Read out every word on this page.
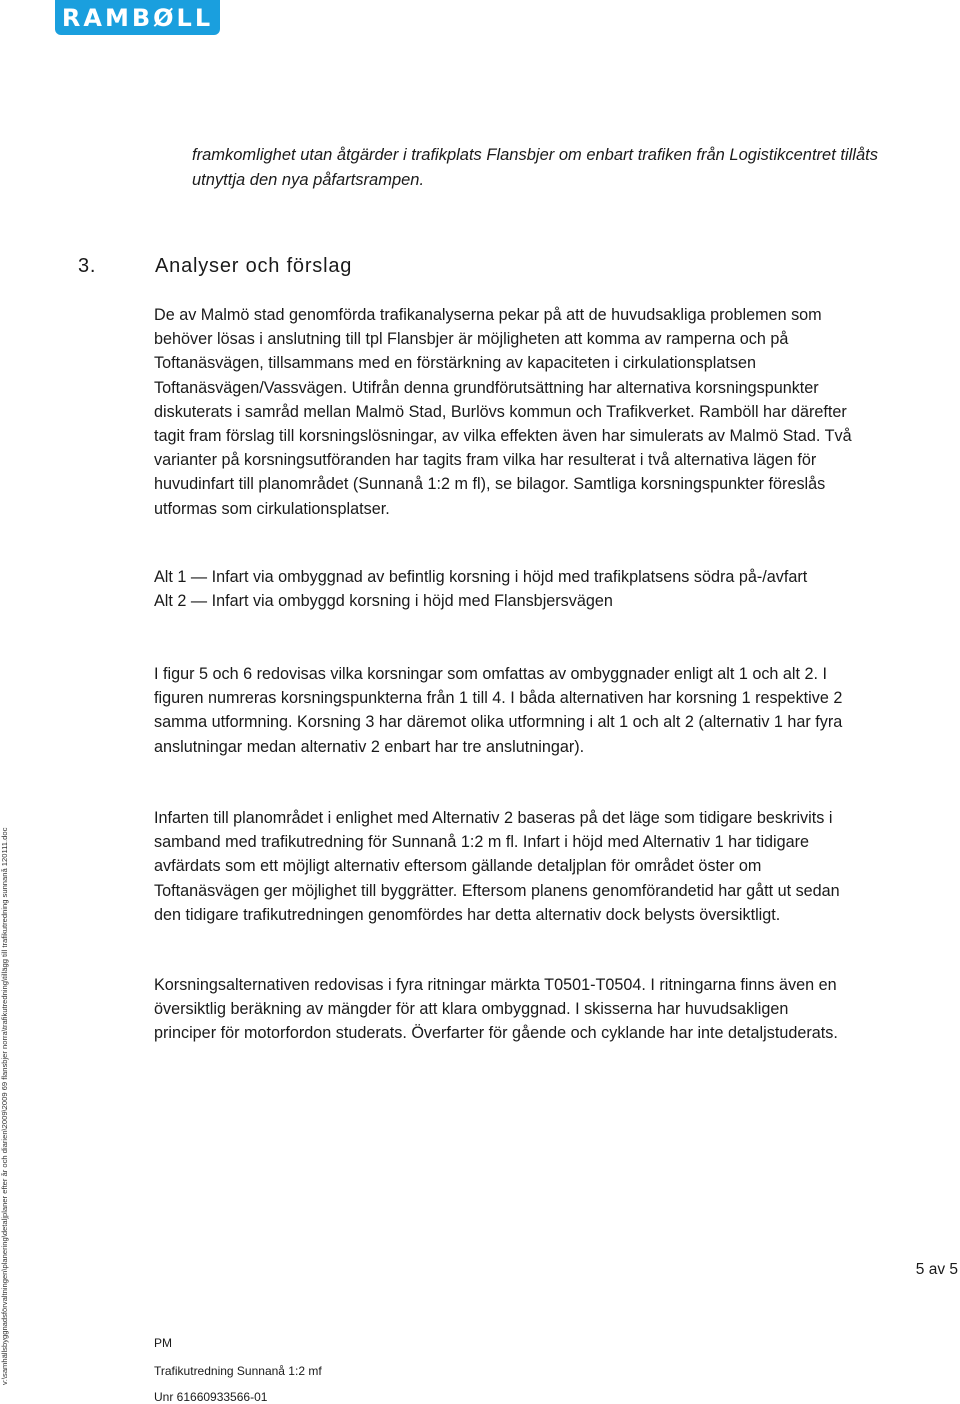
RAMBØLL
framkomlighet utan åtgärder i trafikplats Flansbjer om enbart trafiken från Logistikcentret tillåts utnyttja den nya påfartsrampen.
3.	Analyser och förslag

De av Malmö stad genomförda trafikanalyserna pekar på att de huvudsakliga problemen som behöver lösas i anslutning till tpl Flansbjer är möjligheten att komma av ramperna och på Toftanäsvägen, tillsammans med en förstärkning av kapaciteten i cirkulationsplatsen Toftanäsvägen/Vassvägen. Utifrån denna grundförutsättning har alternativa korsningspunkter diskuterats i samråd mellan Malmö Stad, Burlövs kommun och Trafikverket. Ramböll har därefter tagit fram förslag till korsningslösningar, av vilka effekten även har simulerats av Malmö Stad. Två varianter på korsningsutföranden har tagits fram vilka har resulterat i två alternativa lägen för huvudinfart till planområdet (Sunnanå 1:2 m fl), se bilagor. Samtliga korsningspunkter föreslås utformas som cirkulationsplatser.

Alt 1 — Infart via ombyggnad av befintlig korsning i höjd med trafikplatsens södra på-/avfart

Alt 2 — Infart via ombyggd korsning i höjd med Flansbjersvägen

I figur 5 och 6 redovisas vilka korsningar som omfattas av ombyggnader enligt alt 1 och alt 2. I figuren numreras korsningspunkterna från 1 till 4. I båda alternativen har korsning 1 respektive 2 samma utformning. Korsning 3 har däremot olika utformning i alt 1 och alt 2 (alternativ 1 har fyra anslutningar medan alternativ 2 enbart har tre anslutningar).

Infarten till planområdet i enlighet med Alternativ 2 baseras på det läge som tidigare beskrivits i samband med trafikutredning för Sunnanå 1:2 m fl. Infart i höjd med Alternativ 1 har tidigare avfärdats som ett möjligt alternativ eftersom gällande detaljplan för området öster om Toftanäsvägen ger möjlighet till byggrätter. Eftersom planens genomförandetid har gått ut sedan den tidigare trafikutredningen genomfördes har detta alternativ dock belysts översiktligt.

Korsningsalternativen redovisas i fyra ritningar märkta T0501-T0504. I ritningarna finns även en översiktlig beräkning av mängder för att klara ombyggnad. I skisserna har huvudsakligen principer för motorfordon studerats. Överfarter för gående och cyklande har inte detaljstuderats.

v:\samhällsbyggnadsförvaltningen\planering\detaljplaner efter år och diarien\2009\2009 69 flansbjer norra\trafikutredning\tillägg till trafikutredning sunnanå 120111.doc	5 av 5
PM
Trafikutredning Sunnanå 1:2 mf
Unr 61660933566-01
